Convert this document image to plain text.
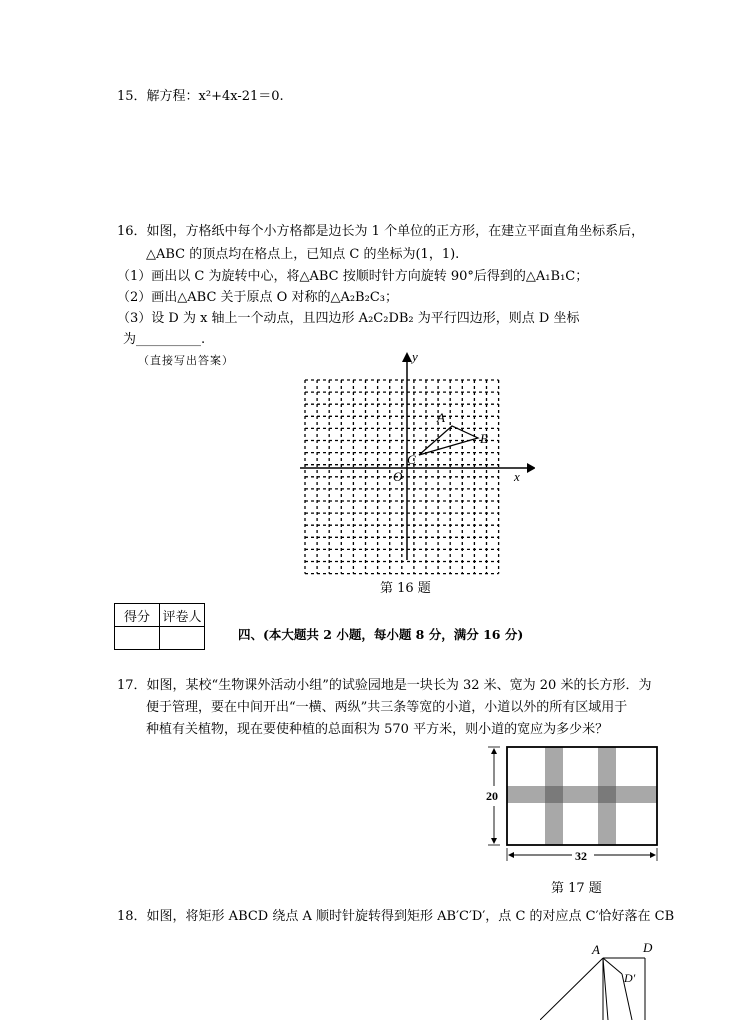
15．解方程：x²+4x-21＝0.
16．如图，方格纸中每个小方格都是边长为 1 个单位的正方形，在建立平面直角坐标系后，
△ABC 的顶点均在格点上，已知点 C 的坐标为(1，1).
（1）画出以 C 为旋转中心，将△ABC 按顺时针方向旋转 90°后得到的△A₁B₁C；
（2）画出△ABC 关于原点 O 对称的△A₂B₂C₃；
（3）设 D 为 x 轴上一个动点，且四边形 A₂C₂DB₂ 为平行四边形，则点 D 坐标
为__________.
（直接写出答案）
x
y
O
C
A
B
第 16 题
得分	评卷人

四、(本大题共 2 小题，每小题 8 分，满分 16 分)
17．如图，某校“生物课外活动小组”的试验园地是一块长为 32 米、宽为 20 米的长方形．为
便于管理，要在中间开出“一横、两纵”共三条等宽的小道，小道以外的所有区域用于
种植有关植物，现在要使种植的总面积为 570 平方米，则小道的宽应为多少米？
20
32
第 17 题
18．如图，将矩形 ABCD 绕点 A 顺时针旋转得到矩形 AB′C′D′，点 C 的对应点 C′恰好落在 CB
A	D
D′
